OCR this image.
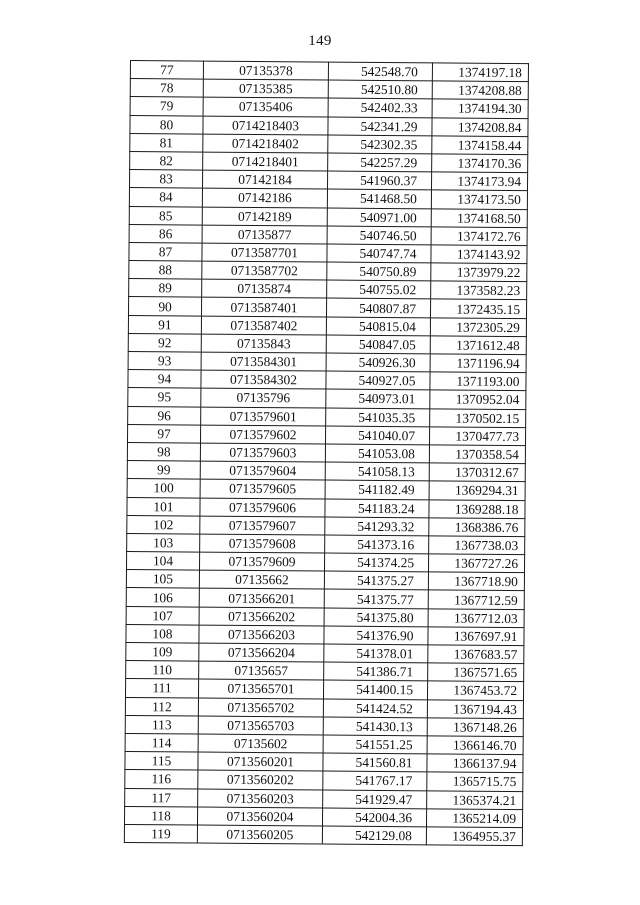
149
77	07135378	542548.70	1374197.18
78	07135385	542510.80	1374208.88
79	07135406	542402.33	1374194.30
80	0714218403	542341.29	1374208.84
81	0714218402	542302.35	1374158.44
82	0714218401	542257.29	1374170.36
83	07142184	541960.37	1374173.94
84	07142186	541468.50	1374173.50
85	07142189	540971.00	1374168.50
86	07135877	540746.50	1374172.76
87	0713587701	540747.74	1374143.92
88	0713587702	540750.89	1373979.22
89	07135874	540755.02	1373582.23
90	0713587401	540807.87	1372435.15
91	0713587402	540815.04	1372305.29
92	07135843	540847.05	1371612.48
93	0713584301	540926.30	1371196.94
94	0713584302	540927.05	1371193.00
95	07135796	540973.01	1370952.04
96	0713579601	541035.35	1370502.15
97	0713579602	541040.07	1370477.73
98	0713579603	541053.08	1370358.54
99	0713579604	541058.13	1370312.67
100	0713579605	541182.49	1369294.31
101	0713579606	541183.24	1369288.18
102	0713579607	541293.32	1368386.76
103	0713579608	541373.16	1367738.03
104	0713579609	541374.25	1367727.26
105	07135662	541375.27	1367718.90
106	0713566201	541375.77	1367712.59
107	0713566202	541375.80	1367712.03
108	0713566203	541376.90	1367697.91
109	0713566204	541378.01	1367683.57
110	07135657	541386.71	1367571.65
111	0713565701	541400.15	1367453.72
112	0713565702	541424.52	1367194.43
113	0713565703	541430.13	1367148.26
114	07135602	541551.25	1366146.70
115	0713560201	541560.81	1366137.94
116	0713560202	541767.17	1365715.75
117	0713560203	541929.47	1365374.21
118	0713560204	542004.36	1365214.09
119	0713560205	542129.08	1364955.37
